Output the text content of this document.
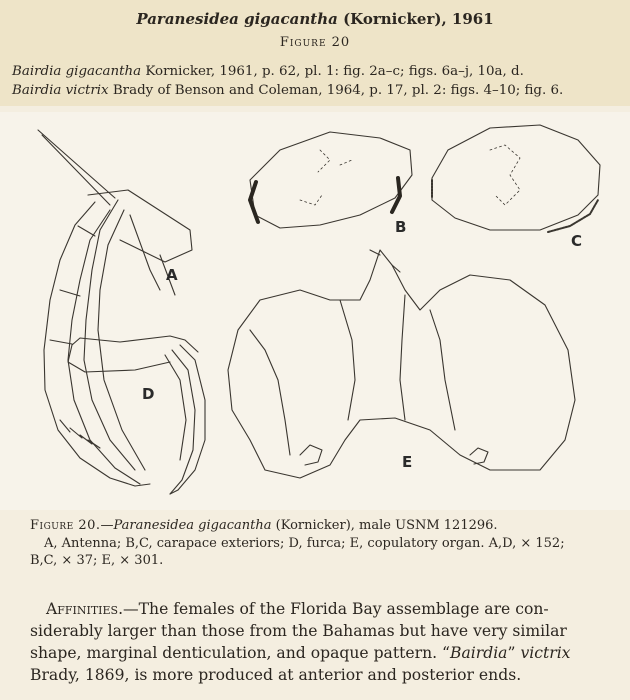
Paranesidea gigacantha (Kornicker), 1961
Figure 20
Bairdia gigacantha Kornicker, 1961, p. 62, pl. 1: fig. 2a–c; figs. 6a–j, 10a, d.
Bairdia victrix Brady of Benson and Coleman, 1964, p. 17, pl. 2: figs. 4–10; fig. 6.
A
B
C
D
E
Figure 20.—Paranesidea gigacantha (Kornicker), male USNM 121296.
A, Antenna; B,C, carapace exteriors; D, furca; E, copulatory organ. A,D, × 152;
B,C, × 37; E, × 301.
Affinities.—The females of the Florida Bay assemblage are con-
siderably larger than those from the Bahamas but have very similar
shape, marginal denticulation, and opaque pattern. “Bairdia” victrix
Brady, 1869, is more produced at anterior and posterior ends.
